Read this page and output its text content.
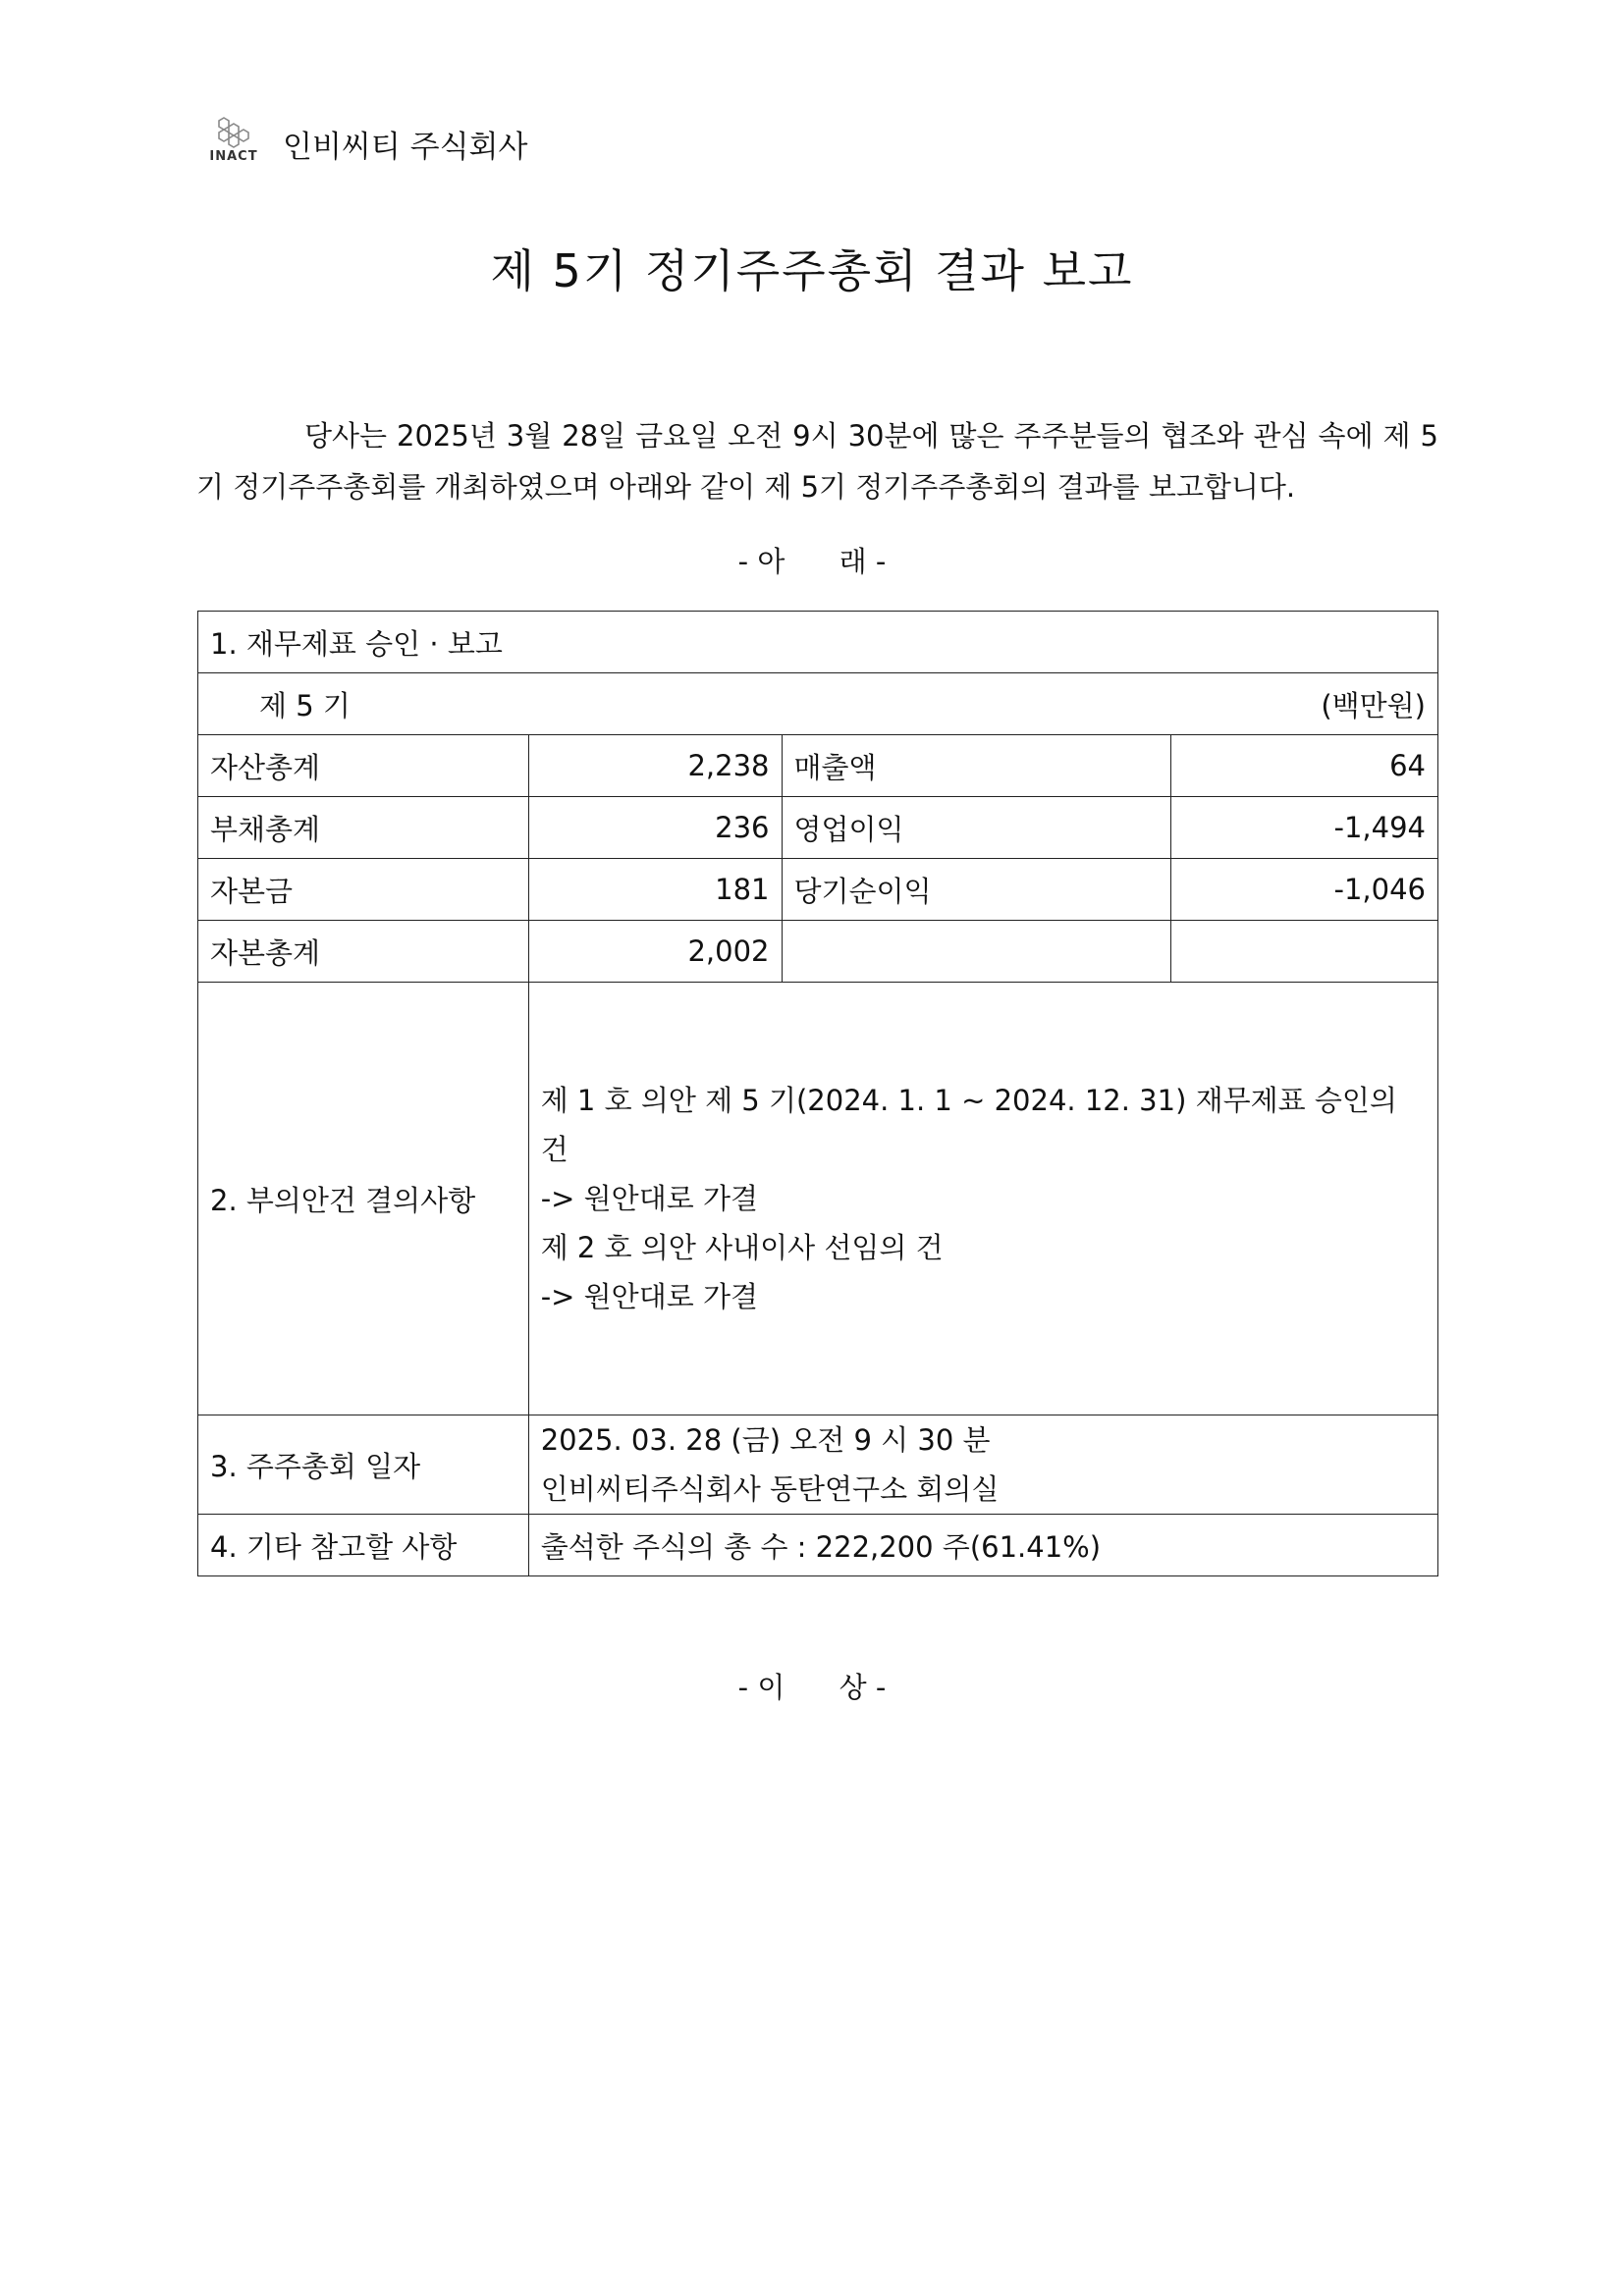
INACT 인비씨티 주식회사
제 5기 정기주주총회 결과 보고
당사는 2025년 3월 28일 금요일 오전 9시 30분에 많은 주주분들의 협조와 관심 속에 제 5기 정기주주총회를 개최하였으며 아래와 같이 제 5기 정기주주총회의 결과를 보고합니다.
- 아      래 -
1. 재무제표 승인 · 보고			

제 5 기 (백만원)			

자산총계	2,238	매출액	64
부채총계	236	영업이익	-1,494
자본금	181	당기순이익	-1,046
자본총계	2,002		
2. 부의안건 결의사항	제 1 호 의안 제 5 기(2024. 1. 1 ~ 2024. 12. 31) 재무제표 승인의 건
-> 원안대로 가결
제 2 호 의안 사내이사 선임의 건
-> 원안대로 가결		

3. 주주총회 일자	2025. 03. 28 (금) 오전 9 시 30 분
인비씨티주식회사 동탄연구소 회의실		

4. 기타 참고할 사항	출석한 주식의 총 수 : 222,200 주(61.41%)		
- 이      상 -
